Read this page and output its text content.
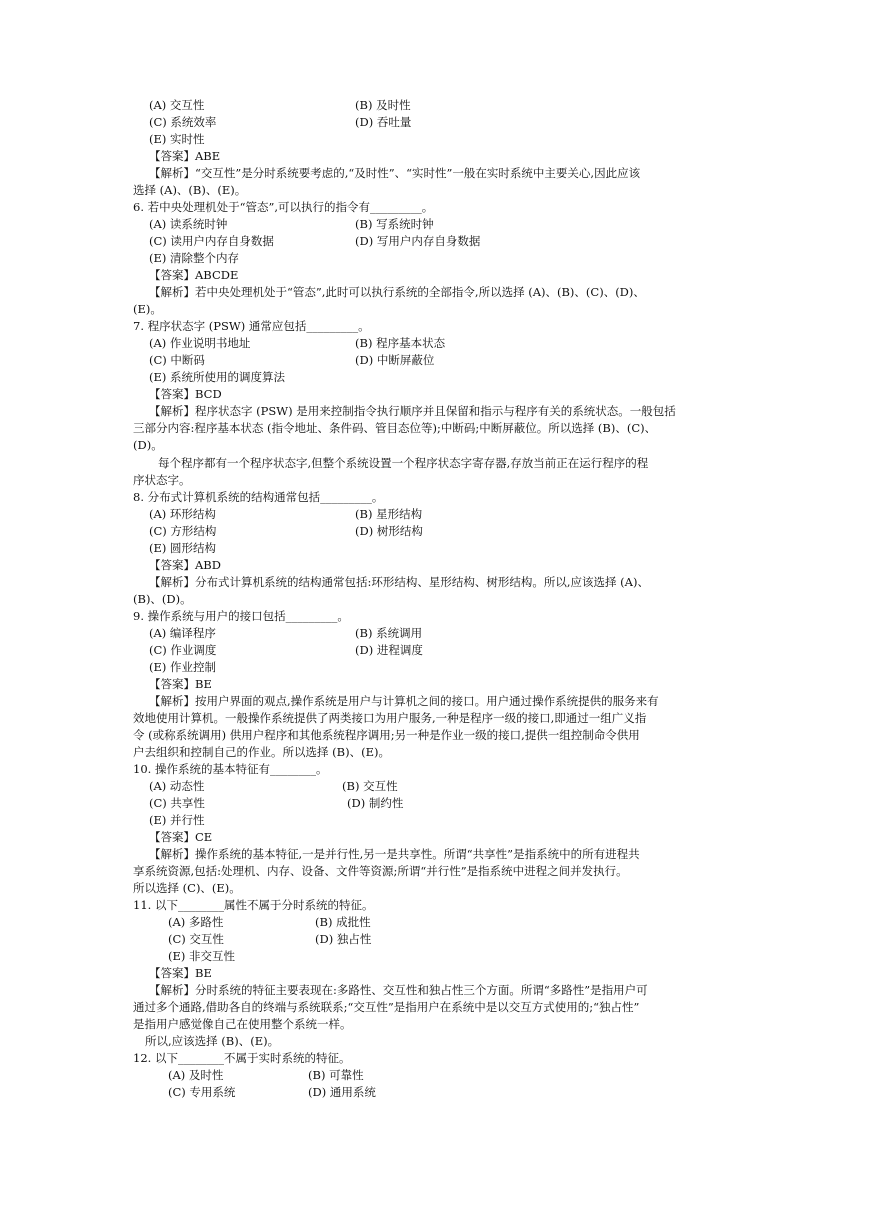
(A) 交互性	(B) 及时性
(C) 系统效率	(D) 吞吐量
(E) 实时性
【答案】ABE
【解析】“交互性”是分时系统要考虑的,“及时性”、“实时性”一般在实时系统中主要关心,因此应该
选择 (A)、(B)、(E)。
6. 若中央处理机处于“管态”,可以执行的指令有_________。
(A) 读系统时钟	(B) 写系统时钟
(C) 读用户内存自身数据	(D) 写用户内存自身数据
(E) 清除整个内存
【答案】ABCDE
【解析】若中央处理机处于“管态”,此时可以执行系统的全部指令,所以选择 (A)、(B)、(C)、(D)、
(E)。
7. 程序状态字 (PSW) 通常应包括_________。
(A) 作业说明书地址	(B) 程序基本状态
(C) 中断码	(D) 中断屏蔽位
(E) 系统所使用的调度算法
【答案】BCD
【解析】程序状态字 (PSW) 是用来控制指令执行顺序并且保留和指示与程序有关的系统状态。一般包括
三部分内容:程序基本状态 (指令地址、条件码、管目态位等);中断码;中断屏蔽位。所以选择 (B)、(C)、
(D)。
每个程序都有一个程序状态字,但整个系统设置一个程序状态字寄存器,存放当前正在运行程序的程
序状态字。
8. 分布式计算机系统的结构通常包括_________。
(A) 环形结构	(B) 星形结构
(C) 方形结构	(D) 树形结构
(E) 圆形结构
【答案】ABD
【解析】分布式计算机系统的结构通常包括:环形结构、星形结构、树形结构。所以,应该选择 (A)、
(B)、(D)。
9. 操作系统与用户的接口包括_________。
(A) 编译程序	(B) 系统调用
(C) 作业调度	(D) 进程调度
(E) 作业控制
【答案】BE
【解析】按用户界面的观点,操作系统是用户与计算机之间的接口。用户通过操作系统提供的服务来有
效地使用计算机。一般操作系统提供了两类接口为用户服务,一种是程序一级的接口,即通过一组广义指
令 (或称系统调用) 供用户程序和其他系统程序调用;另一种是作业一级的接口,提供一组控制命令供用
户去组织和控制自己的作业。所以选择 (B)、(E)。
10. 操作系统的基本特征有________。
(A) 动态性	(B) 交互性
(C) 共享性	(D) 制约性
(E) 并行性
【答案】CE
【解析】操作系统的基本特征,一是并行性,另一是共享性。所谓“共享性”是指系统中的所有进程共
享系统资源,包括:处理机、内存、设备、文件等资源;所谓“并行性”是指系统中进程之间并发执行。
所以选择 (C)、(E)。
11. 以下________属性不属于分时系统的特征。
(A) 多路性	(B) 成批性
(C) 交互性	(D) 独占性
(E) 非交互性
【答案】BE
【解析】分时系统的特征主要表现在:多路性、交互性和独占性三个方面。所谓“多路性”是指用户可
通过多个通路,借助各自的终端与系统联系;“交互性”是指用户在系统中是以交互方式使用的;“独占性”
是指用户感觉像自己在使用整个系统一样。
所以,应该选择 (B)、(E)。
12. 以下________不属于实时系统的特征。
(A) 及时性	(B) 可靠性
(C) 专用系统	(D) 通用系统
